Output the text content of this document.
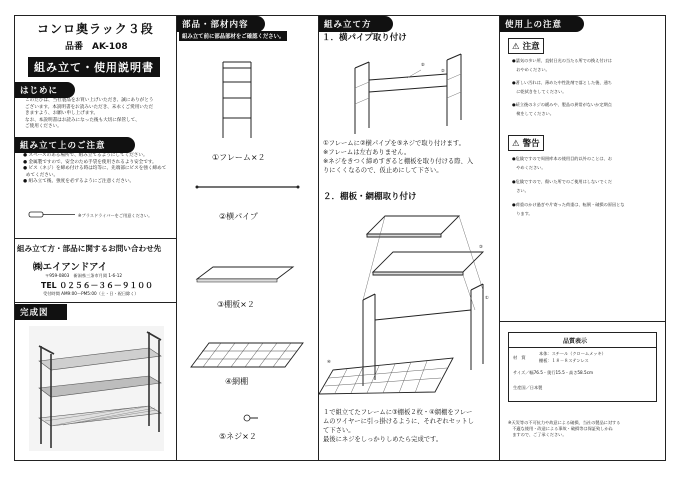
コンロ奥ラック３段
品番　AK-108
組み立て・使用説明書
はじめに
このたびは、当社製品をお買い上げいただき、誠にありがとう
ございます。本説明書をお読みいただき、末永くご愛用いただ
きますよう、お願い申し上げます。
なお、本説明書はお読みになった後も大切に保管して、
ご使用ください。
組み立て上のご注意
● スペースのある場所で、組み立てるようにしてください。
● 金属製ですので、安全のため手袋を使用されるより安全です。
● ビス（ネジ）を締め付ける時は均等に、先端部にビスを強く締めて
めてください。
● 組み立て後、強度を必ずるようにご注意ください。
※プラスドライバーをご用意ください。
組み立て方・部品に関するお問い合わせ先
㈱エイアンドアイ
〒959-0803　新潟県三条市月岡 1-6-12
TEL ０２５６－３６－９１００
受付時間 AM9:00〜PM5:00（土・日・祝日除く）
完成図
部品・部材内容
組み立て前に部品部材をご確認ください。
①フレーム×２
②横パイプ
③棚板×２
④網棚
⑤ネジ×２
組み立て方
１．横パイプ取り付け
②
⑤
①フレームに②横パイプを⑤ネジで取り付けます。
※フレームは左右ありません。
※ネジをきつく締めすぎると棚板を取り付ける際、入
りにくくなるので、仮止めにして下さい。
２．棚板・網棚取り付け
③
①
④
１で組立てたフレームに③棚板２枚・④網棚をフレー
ムのワイヤーに引っ掛けるように、それぞれセットし
て下さい。
最後にネジをしっかりしめたら完成です。
使用上の注意
⚠ 注意
●濡気の多い所、直射日光の当たる所での換え付けは
　おやめください。
●著しい汚れは、薄めた中性洗剤で落とした後、通ち
　に乾拭きをしてください。
●続立後のネジの緩みや、製品の異常がないか定期点
　検をしてください。
⚠ 警告
●危険ですので周囲库本の使用目的以外のことは、お
　やめください。
●危険ですので、傷いた所でのご使用はしないでくだ
　さい。
●荷重のかけ過ぎや片寄った荷重は、転倒・破損の原因とな
　ります。
品質表示
材　質
本体：スチール（クロームメッキ）
棚板：１８－８ステンレス
サイズ／幅76.5・奥行15.5・高さ58.5cm
生産国／日本製
※天災等の不可抗力や故意による破損、当社の製品に対する
　不適な使用・改造による事故・破損等は保証致しかね
　ますので、ご了承ください。
